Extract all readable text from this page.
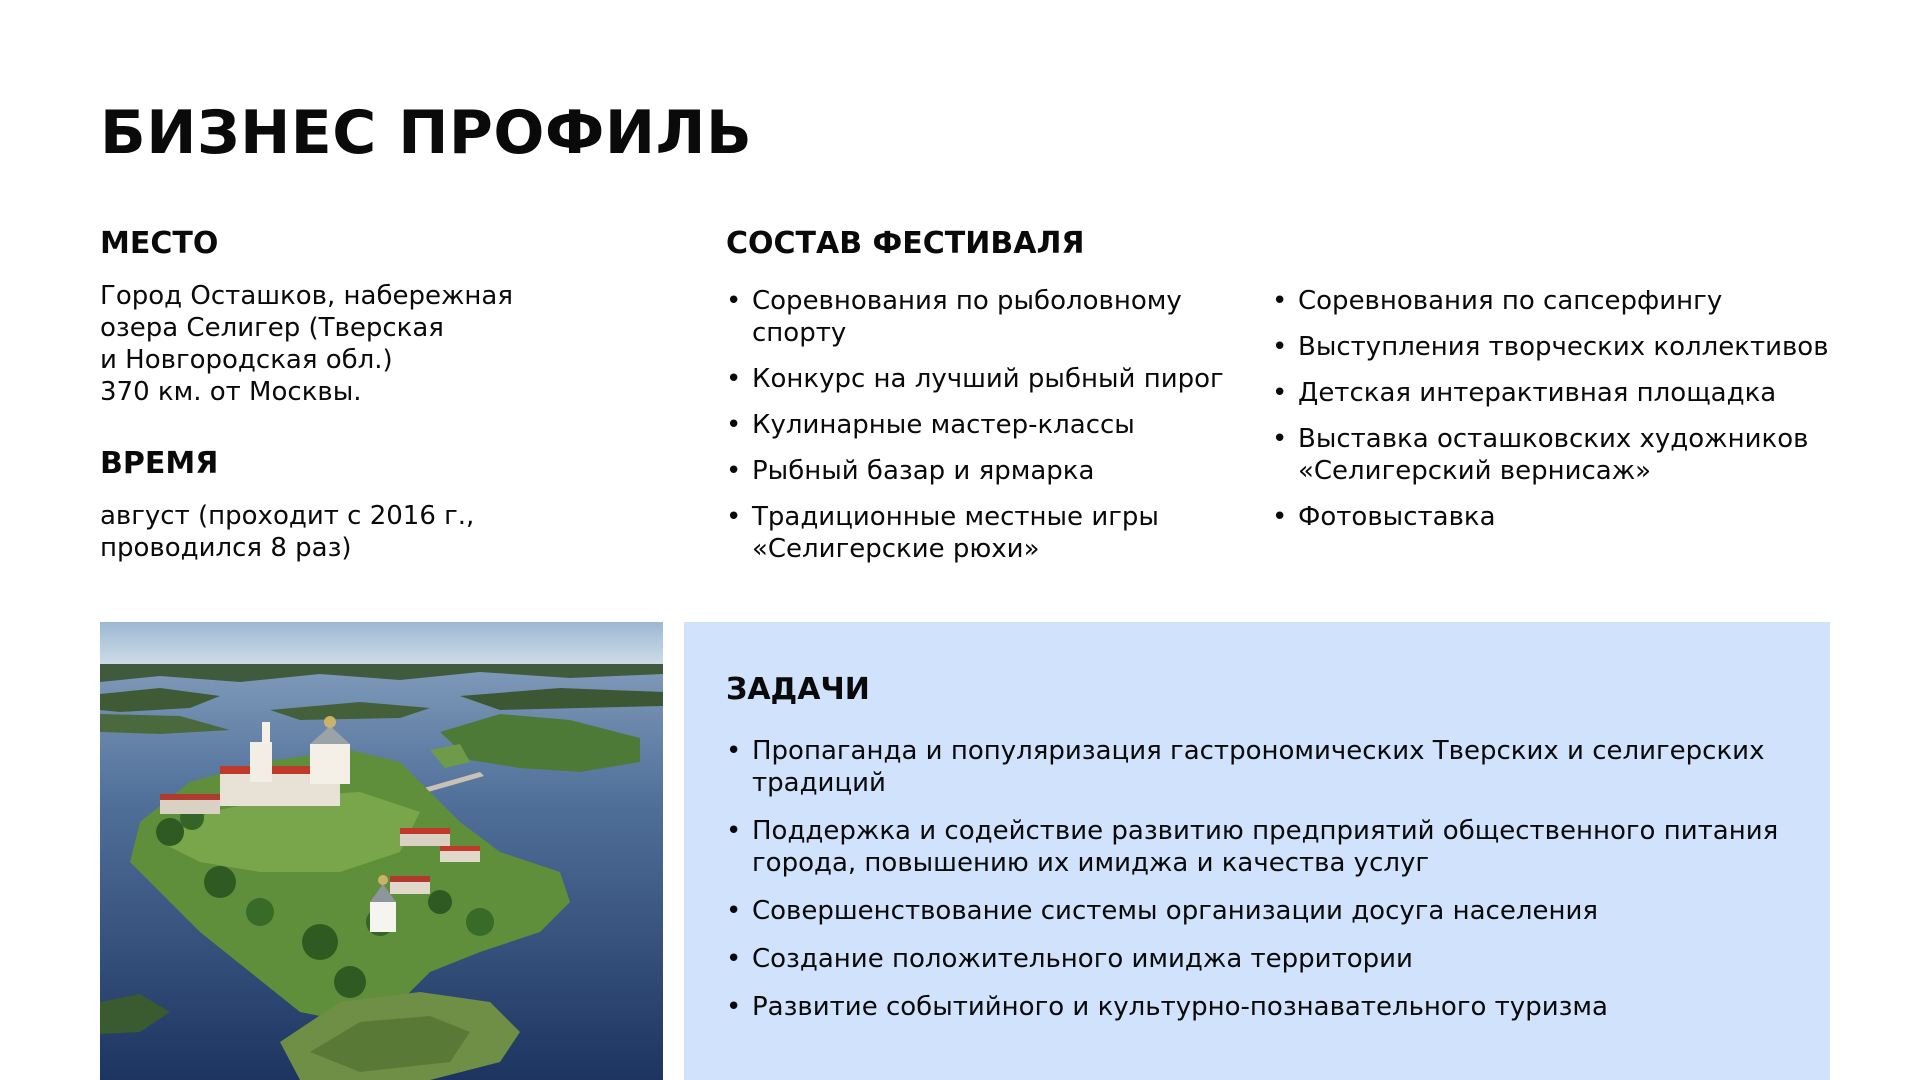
БИЗНЕС ПРОФИЛЬ
МЕСТО
Город Осташков, набережная
озера Селигер (Тверская
и Новгородская обл.)
370 км. от Москвы.
ВРЕМЯ
август (проходит с 2016 г.,
проводился 8 раз)
СОСТАВ ФЕСТИВАЛЯ
• Соревнования по рыболовному спорту
• Конкурс на лучший рыбный пирог
• Кулинарные мастер-классы
• Рыбный базар и ярмарка
• Традиционные местные игры «Селигерские рюхи»
• Соревнования по сапсерфингу
• Выступления творческих коллективов
• Детская интерактивная площадка
• Выставка осташковских художников «Селигерский вернисаж»
• Фотовыставка
ЗАДАЧИ
• Пропаганда и популяризация гастрономических Тверских и селигерских традиций
• Поддержка и содействие развитию предприятий общественного питания города, повышению их имиджа и качества услуг
• Совершенствование системы организации досуга населения
• Создание положительного имиджа территории
• Развитие событийного и культурно-познавательного туризма
